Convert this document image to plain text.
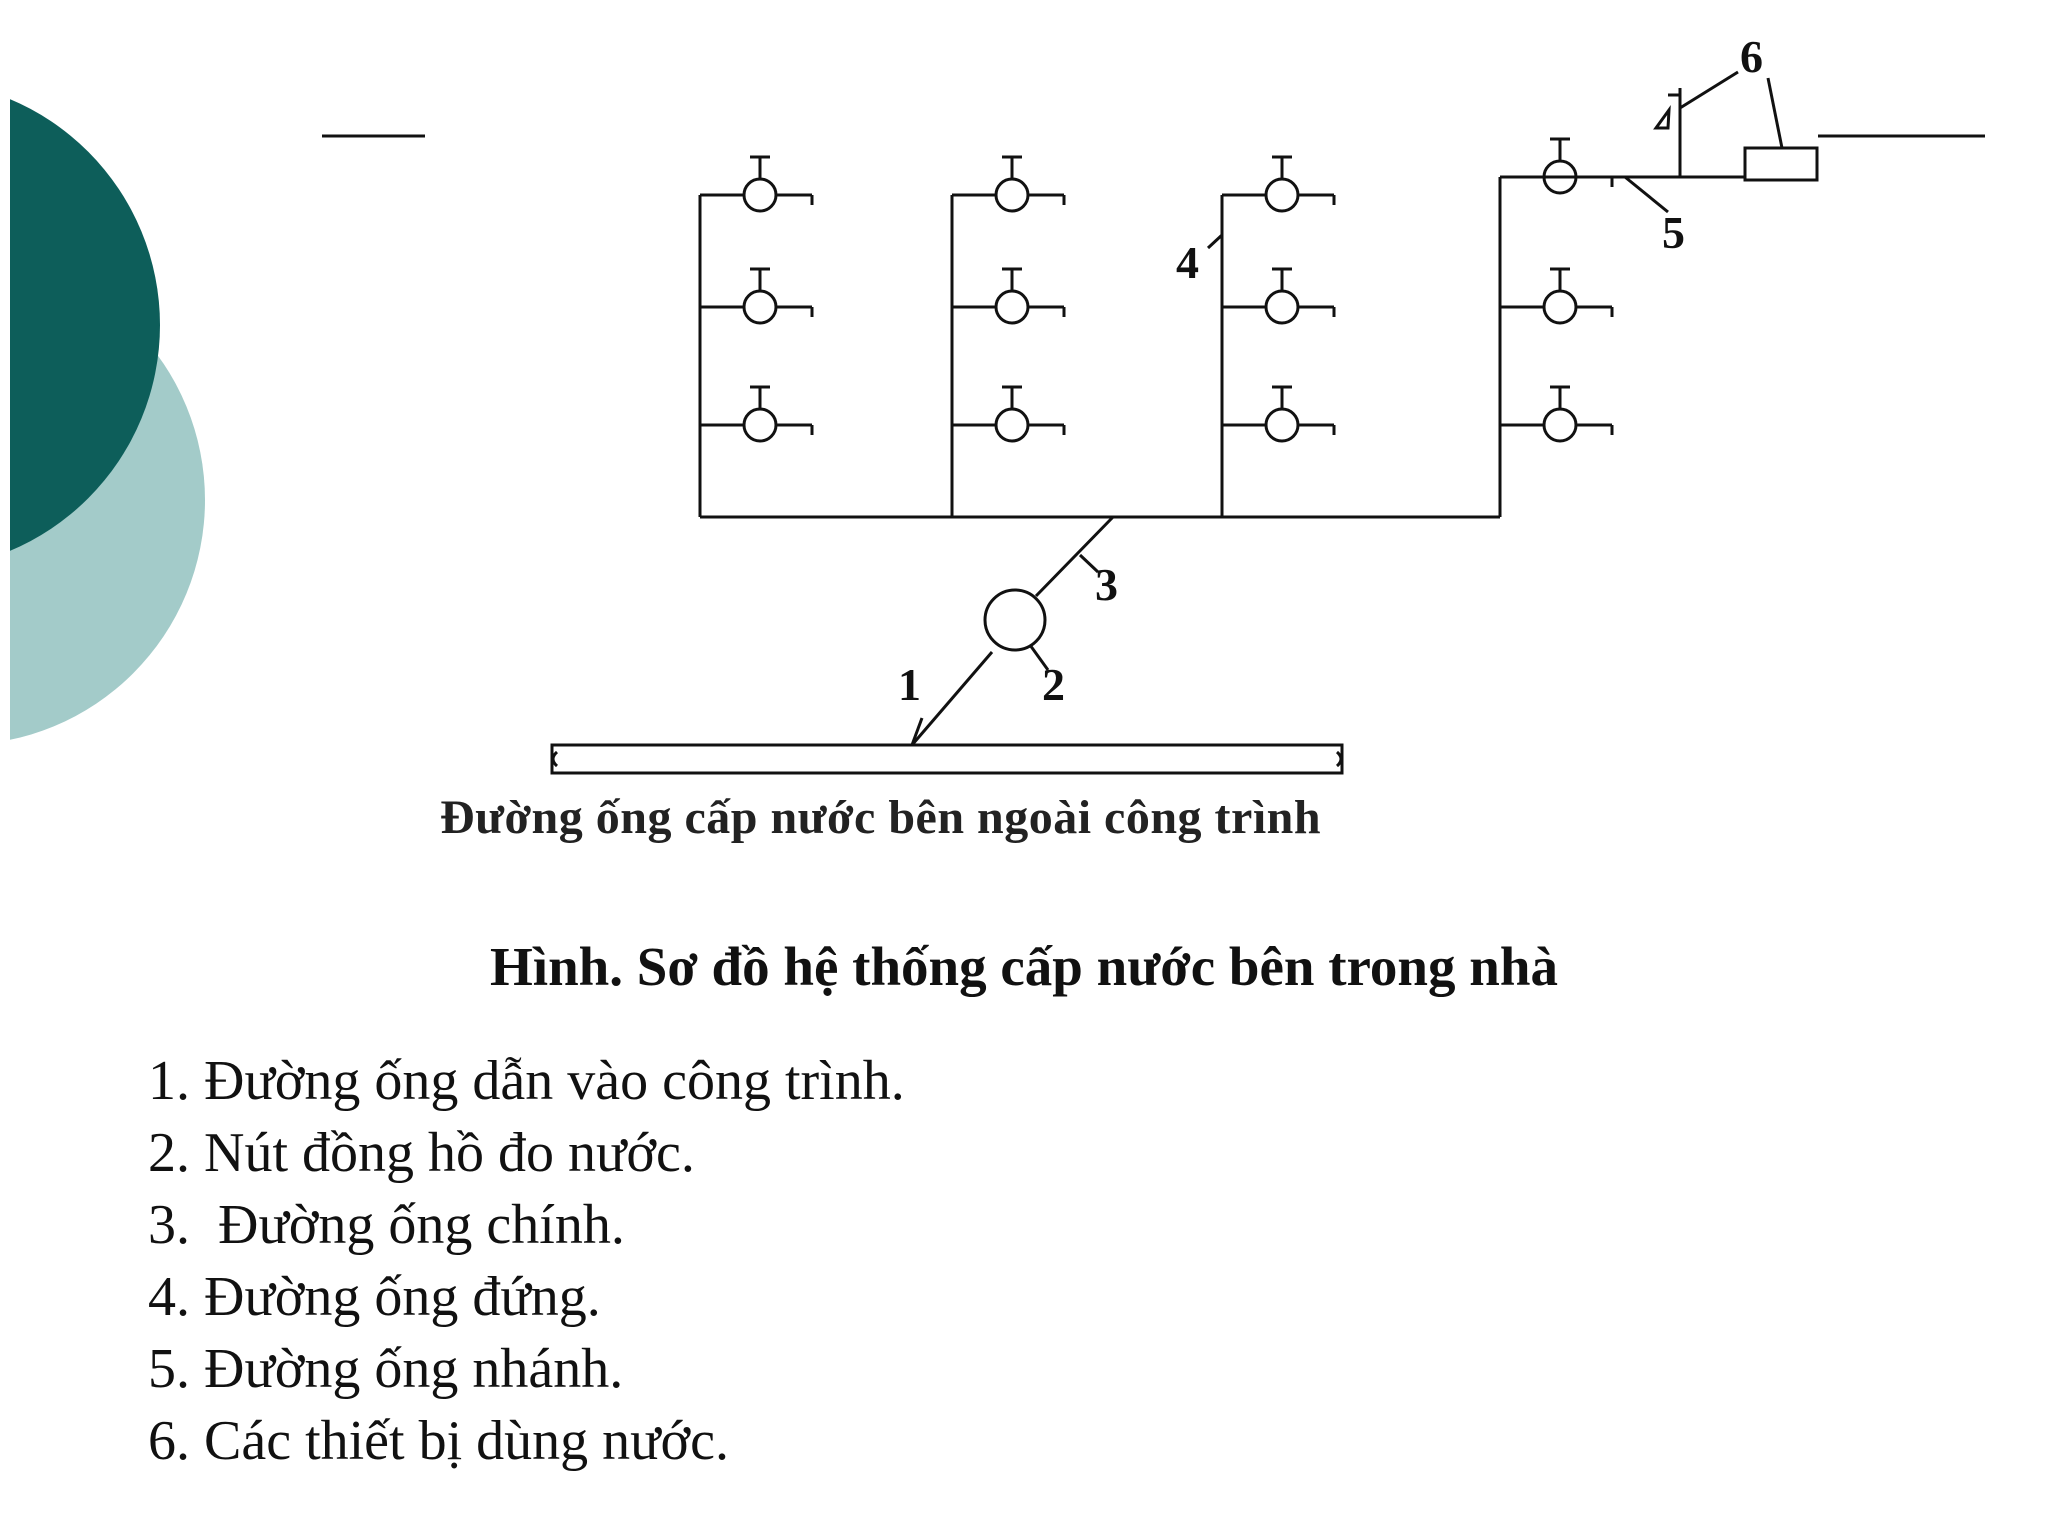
1	2
3
4
5
6
Đường ống cấp nước bên ngoài công trình
Hình. Sơ đồ hệ thống cấp nước bên trong nhà
1. Đường ống dẫn vào công trình.
2. Nút đồng hồ đo nước.
3.  Đường ống chính.
4. Đường ống đứng.
5. Đường ống nhánh.
6. Các thiết bị dùng nước.
